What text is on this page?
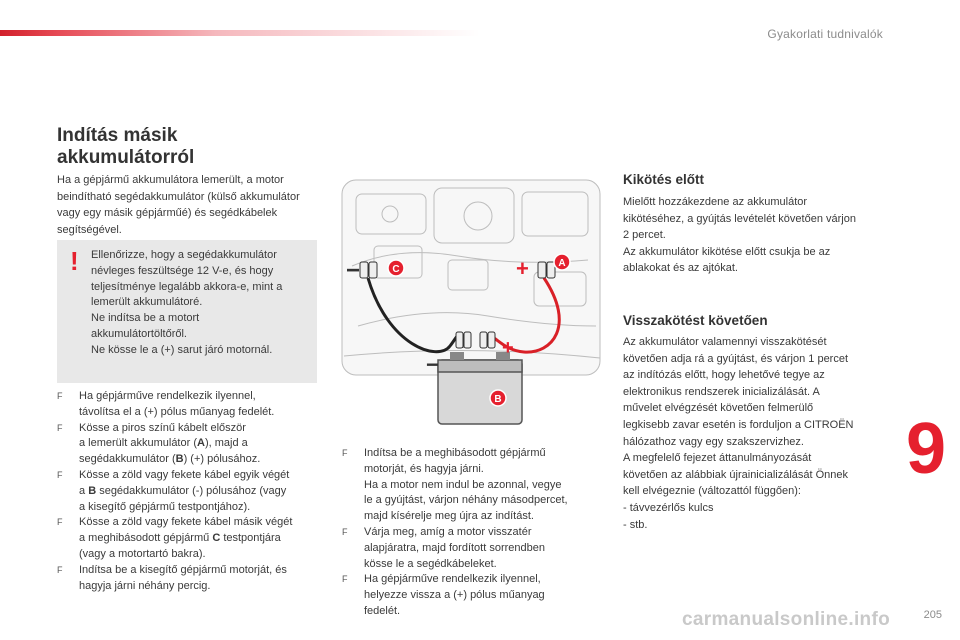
Gyakorlati tudnivalók
Indítás másik
akkumulátorról

Ha a gépjármű akkumulátora lemerült, a motor beindítható segédakkumulátor (külső akkumulátor vagy egy másik gépjárműé) és segédkábelek segítségével.

! Ellenőrizze, hogy a segédakkumulátor
névleges feszültsége 12 V-e, és hogy
teljesítménye legalább akkora-e, mint a
lemerült akkumulátoré.
Ne indítsa be a motort
akkumulátortöltőről.
Ne kösse le a (+) sarut járó motornál.
F Ha gépjárműve rendelkezik ilyennel,
távolítsa el a (+) pólus műanyag fedelét.
F Kösse a piros színű kábelt először
a lemerült akkumulátor (A), majd a
segédakkumulátor (B) (+) pólusához.
F Kösse a zöld vagy fekete kábel egyik végét
a B segédakkumulátor (-) pólusához (vagy
a kisegítő gépjármű testpontjához).
F Kösse a zöld vagy fekete kábel másik végét
a meghibásodott gépjármű C testpontjára
(vagy a motortartó bakra).
F Indítsa be a kisegítő gépjármű motorját, és
hagyja járni néhány percig.
C
A
B
+
+
−
−
F Indítsa be a meghibásodott gépjármű
motorját, és hagyja járni.
Ha a motor nem indul be azonnal, vegye
le a gyújtást, várjon néhány másodpercet,
majd kísérelje meg újra az indítást.
F Várja meg, amíg a motor visszatér
alapjáratra, majd fordított sorrendben
kösse le a segédkábeleket.
F Ha gépjárműve rendelkezik ilyennel,
helyezze vissza a (+) pólus műanyag
fedelét.
Kikötés előtt

Mielőtt hozzákezdene az akkumulátor
kikötéséhez, a gyújtás levételét követően várjon
2 percet.
Az akkumulátor kikötése előtt csukja be az
ablakokat és az ajtókat.

Visszakötést követően

Az akkumulátor valamennyi visszakötését
követően adja rá a gyújtást, és várjon 1 percet
az indítózás előtt, hogy lehetővé tegye az
elektronikus rendszerek inicializálását. A
művelet elvégzését követően felmerülő
legkisebb zavar esetén is forduljon a CITROËN
hálózathoz vagy egy szakszervizhez.
A megfelelő fejezet áttanulmányozását
követően az alábbiak újrainicializálását Önnek
kell elvégeznie (változattól függően):
- távvezérlős kulcs
- stb.

9
carmanualsonline.info	205
